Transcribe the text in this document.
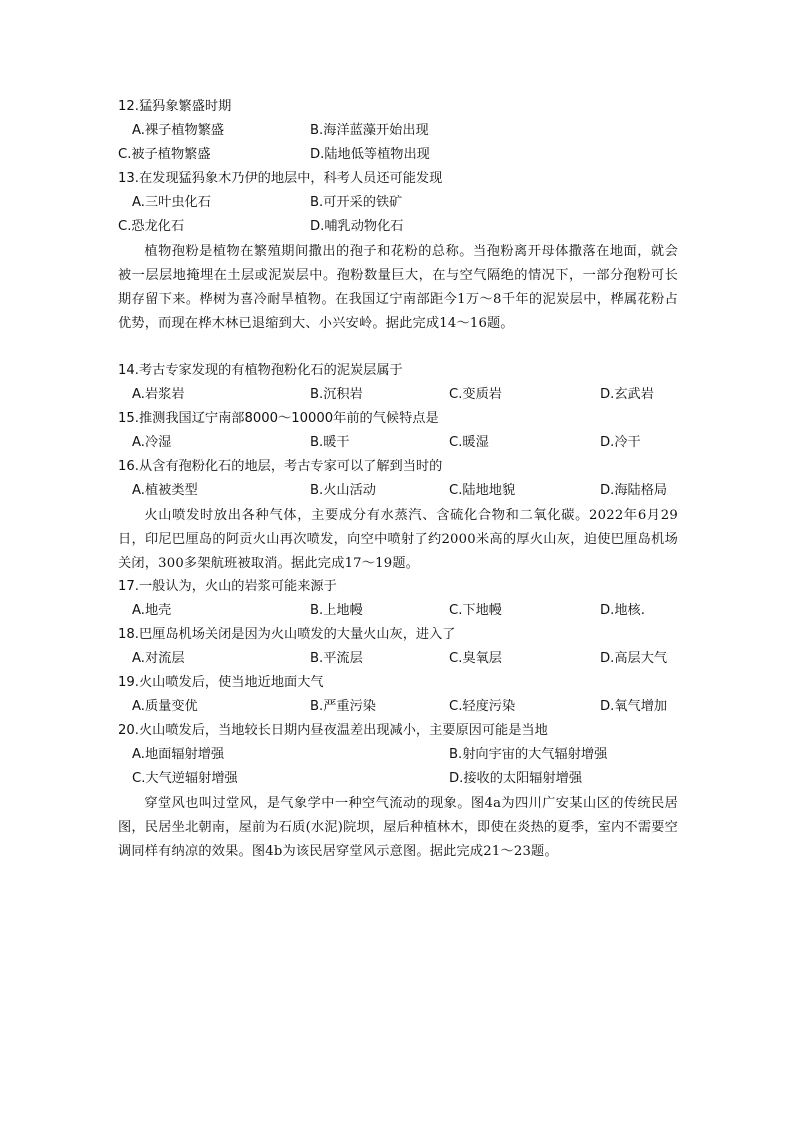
12.猛犸象繁盛时期
A.裸子植物繁盛	B.海洋蓝藻开始出现
C.被子植物繁盛	D.陆地低等植物出现
13.在发现猛犸象木乃伊的地层中，科考人员还可能发现
A.三叶虫化石	B.可开采的铁矿
C.恐龙化石	D.哺乳动物化石
植物孢粉是植物在繁殖期间撒出的孢子和花粉的总称。当孢粉离开母体撒落在地面，就会被一层层地掩埋在土层或泥炭层中。孢粉数量巨大，在与空气隔绝的情况下，一部分孢粉可长期存留下来。桦树为喜冷耐旱植物。在我国辽宁南部距今1万～8千年的泥炭层中，桦属花粉占优势，而现在桦木林已退缩到大、小兴安岭。据此完成14～16题。
14.考古专家发现的有植物孢粉化石的泥炭层属于
A.岩浆岩	B.沉积岩	C.变质岩	D.玄武岩
15.推测我国辽宁南部8000～10000年前的气候特点是
A.冷湿	B.暖干	C.暖湿	D.冷干
16.从含有孢粉化石的地层，考古专家可以了解到当时的
A.植被类型	B.火山活动	C.陆地地貌	D.海陆格局
火山喷发时放出各种气体，主要成分有水蒸汽、含硫化合物和二氧化碳。2022年6月29日，印尼巴厘岛的阿贡火山再次喷发，向空中喷射了约2000米高的厚火山灰，迫使巴厘岛机场关闭，300多架航班被取消。据此完成17～19题。
17.一般认为，火山的岩浆可能来源于
A.地壳	B.上地幔	C.下地幔	D.地核.
18.巴厘岛机场关闭是因为火山喷发的大量火山灰，进入了
A.对流层	B.平流层	C.臭氧层	D.高层大气
19.火山喷发后，使当地近地面大气
A.质量变优	B.严重污染	C.轻度污染	D.氧气增加
20.火山喷发后，当地较长日期内昼夜温差出现减小，主要原因可能是当地
A.地面辐射增强	B.射向宇宙的大气辐射增强
C.大气逆辐射增强	D.接收的太阳辐射增强
穿堂风也叫过堂风，是气象学中一种空气流动的现象。图4a为四川广安某山区的传统民居图，民居坐北朝南，屋前为石质(水泥)院坝，屋后种植林木，即使在炎热的夏季，室内不需要空调同样有纳凉的效果。图4b为该民居穿堂风示意图。据此完成21～23题。
